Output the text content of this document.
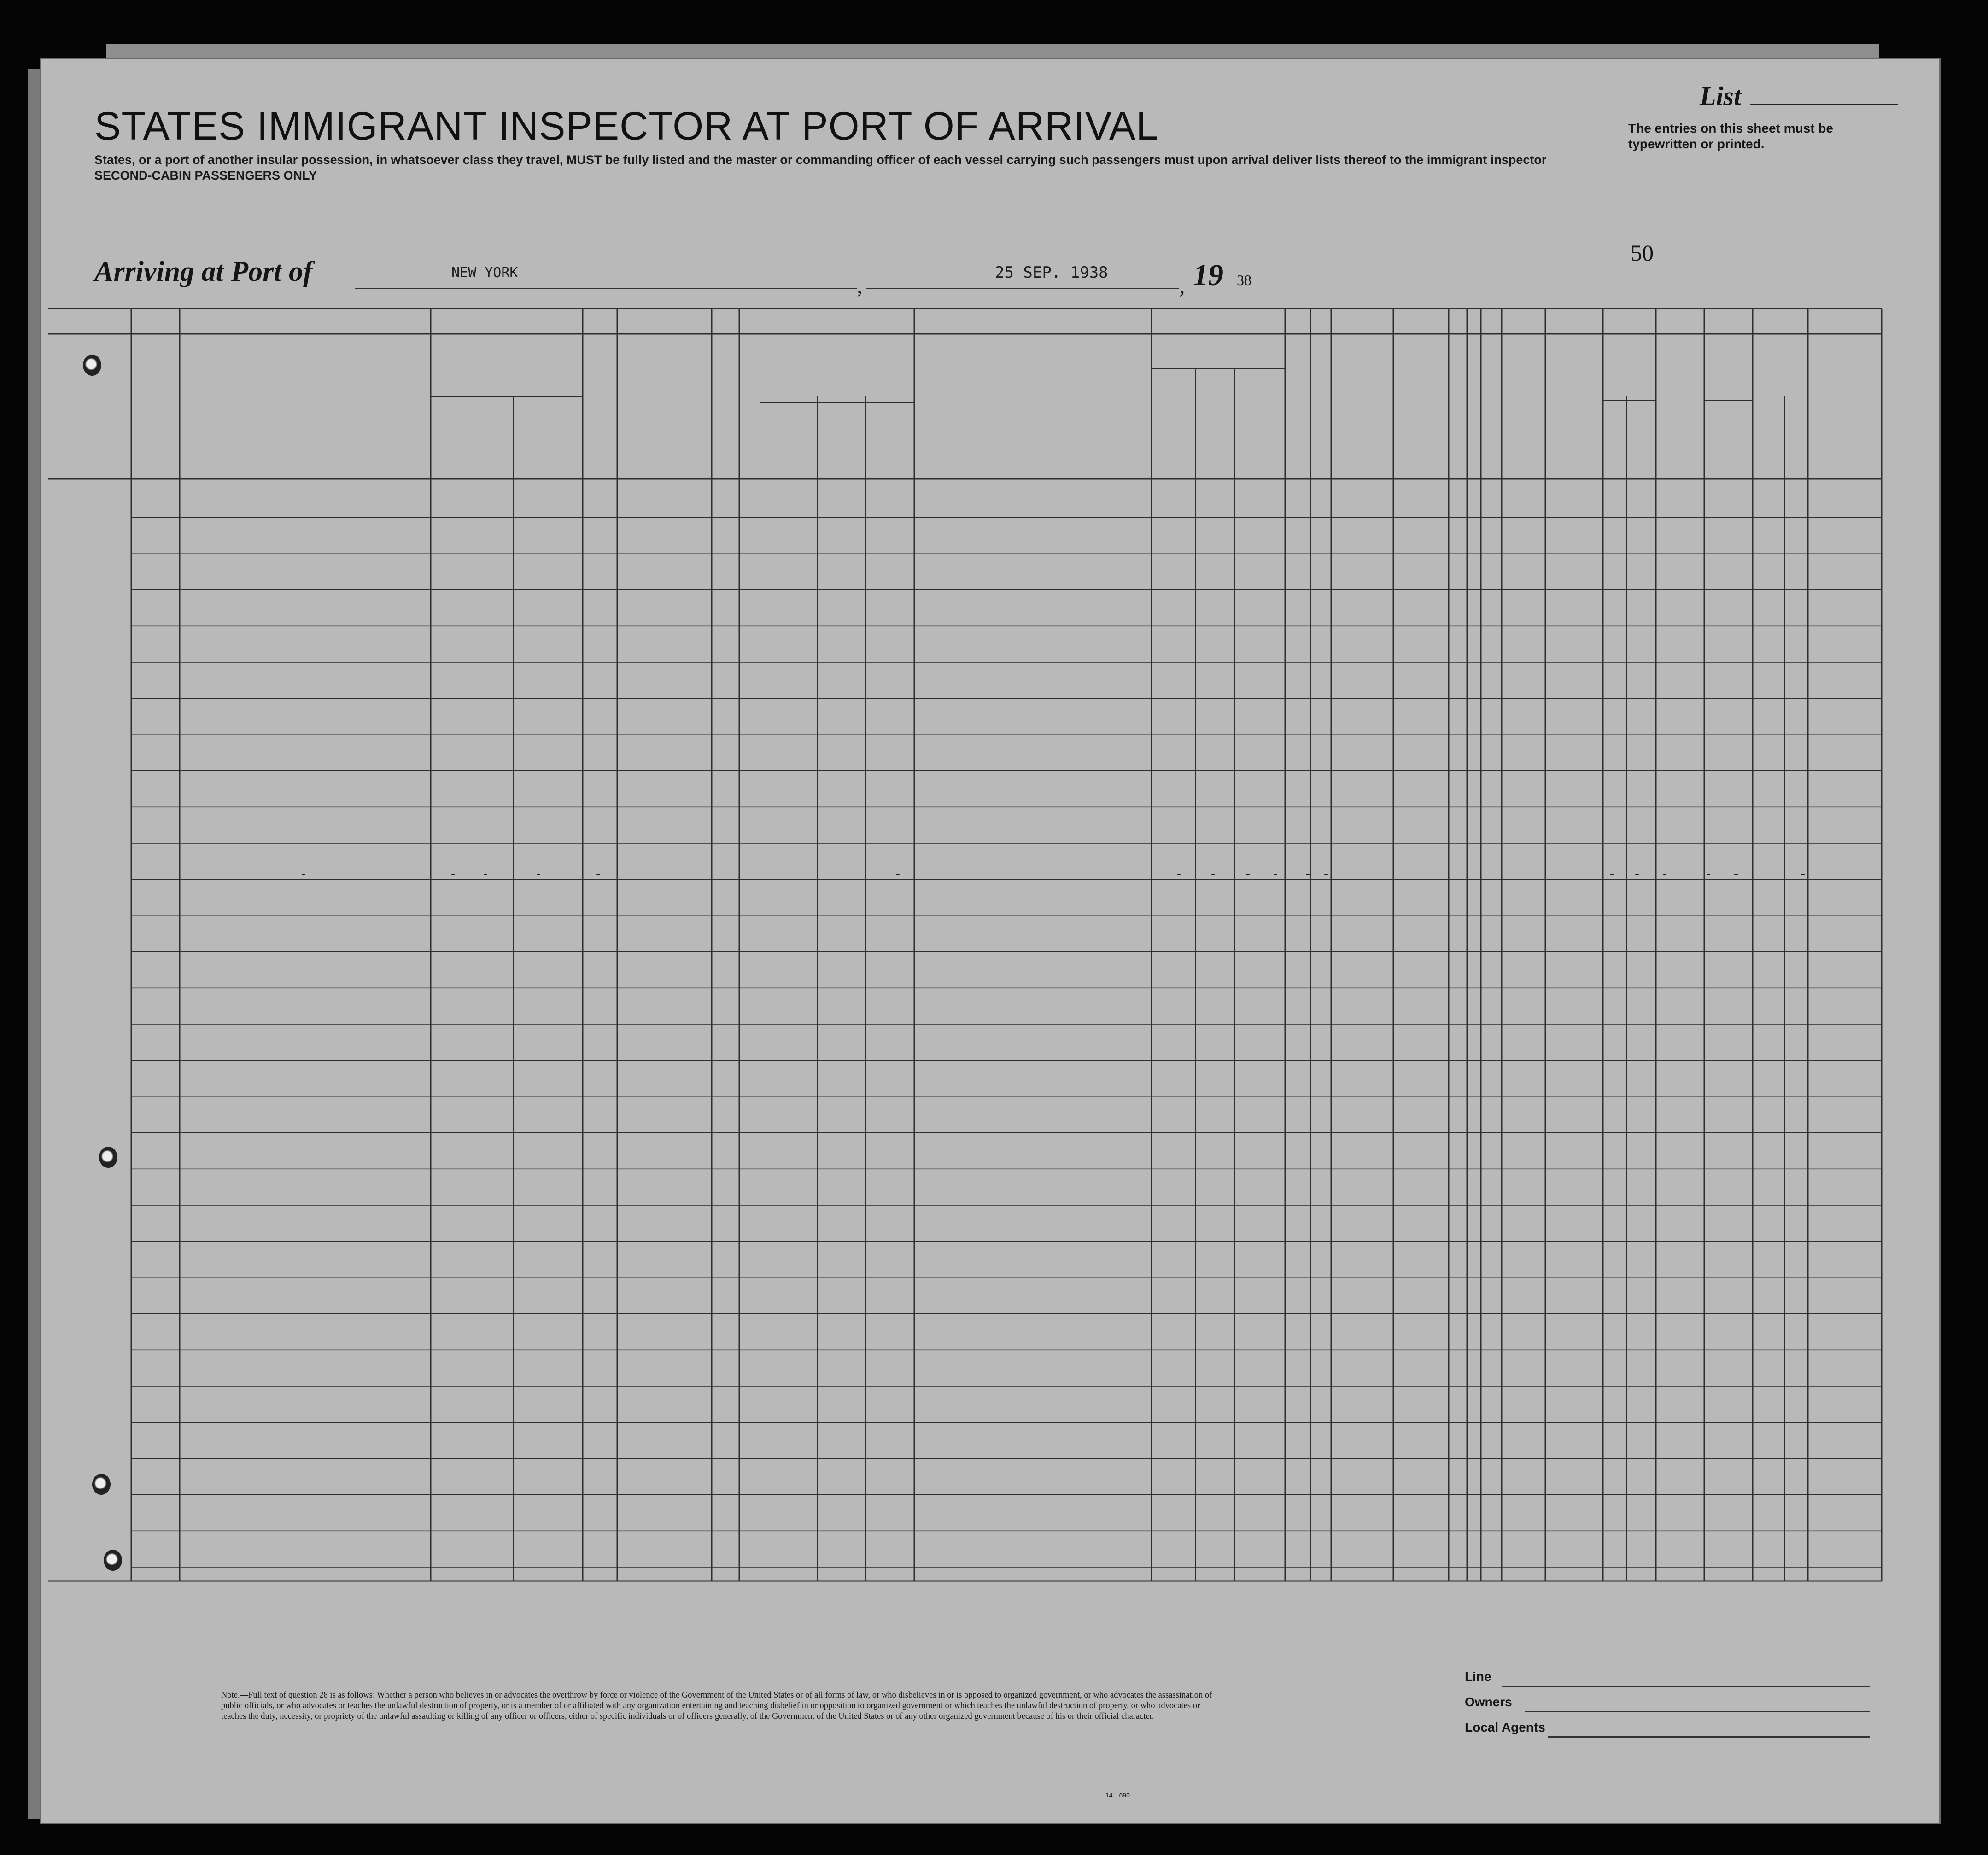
STATES IMMIGRANT INSPECTOR AT PORT OF ARRIVAL
States, or a port of another insular possession, in whatsoever class they travel, MUST be fully listed and the master or commanding officer of each vessel carrying such passengers must upon arrival deliver lists thereof to the immigrant inspector
SECOND-CABIN PASSENGERS ONLY
List
The entries on this sheet must be typewritten or printed.
50
Arriving at Port of	NEW YORK	,	25 SEP. 1938	, 19 38
-	- -	-	-	-	- - - - - -	- - -	- -	-
Note.—Full text of question 28 is as follows: Whether a person who believes in or advocates the overthrow by force or violence of the Government of the United States or of all forms of law, or who disbelieves in or is opposed to organized government, or who advocates the assassination of public officials, or who advocates or teaches the unlawful destruction of property, or is a member of or affiliated with any organization entertaining and teaching disbelief in or opposition to organized government or which teaches the unlawful destruction of property, or who advocates or teaches the duty, necessity, or propriety of the unlawful assaulting or killing of any officer or officers, either of specific individuals or of officers generally, of the Government of the United States or of any other organized government because of his or their official character.
Line
Owners
Local Agents
14—690
